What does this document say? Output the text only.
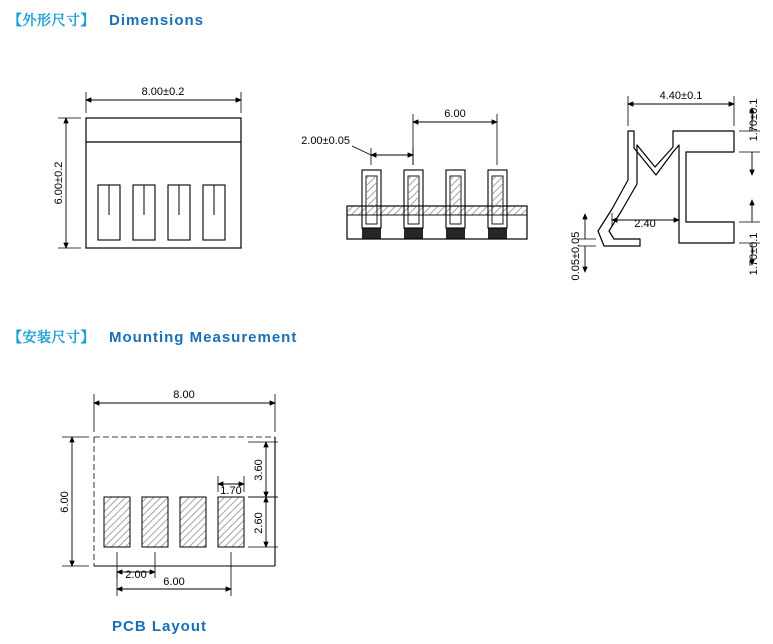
【外形尺寸】 Dimensions
【安装尺寸】 Mounting Measurement
PCB Layout
8.00±0.2
6.00±0.2
6.00
2.00±0.05
4.40±0.1
1.70±0.1
1.70±0.1
2.40
0.05±0.05
8.00
6.00
3.60
2.60
1.70
2.00
6.00
